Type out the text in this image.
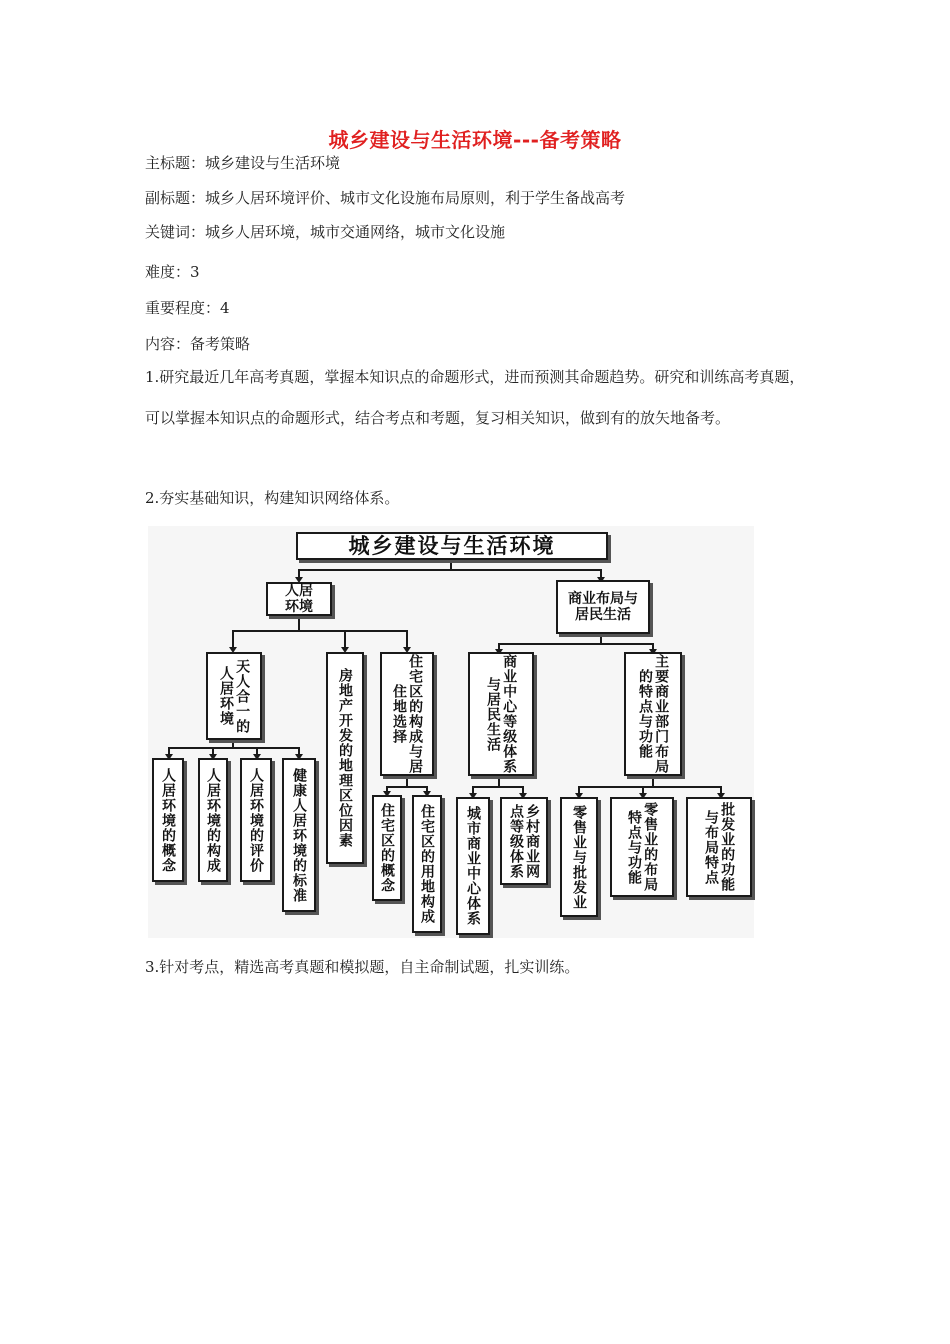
城乡建设与生活环境---备考策略
主标题：城乡建设与生活环境
副标题：城乡人居环境评价、城市文化设施布局原则，利于学生备战高考
关键词：城乡人居环境，城市交通网络，城市文化设施
难度：3
重要程度：4
内容：备考策略
1.研究最近几年高考真题，掌握本知识点的命题形式，进而预测其命题趋势。研究和训练高考真题，可以掌握本知识点的命题形式，结合考点和考题，复习相关知识，做到有的放矢地备考。
2.夯实基础知识，构建知识网络体系。
城乡建设与生活环境
人居环境
商业布局与居民生活
天人合一的人居环境	房地产开发的地理区位因素	住宅区的构成与居住地选择	商业中心等级体系与居民生活	主要商业部门布局的特点与功能
人居环境的概念	人居环境的构成	人居环境的评价	健康人居环境的标准	住宅区的概念	住宅区的用地构成	城市商业中心体系	乡村商业网点等级体系	零售业与批发业	零售业的布局特点与功能	批发业的功能与布局特点
3.针对考点，精选高考真题和模拟题，自主命制试题，扎实训练。
